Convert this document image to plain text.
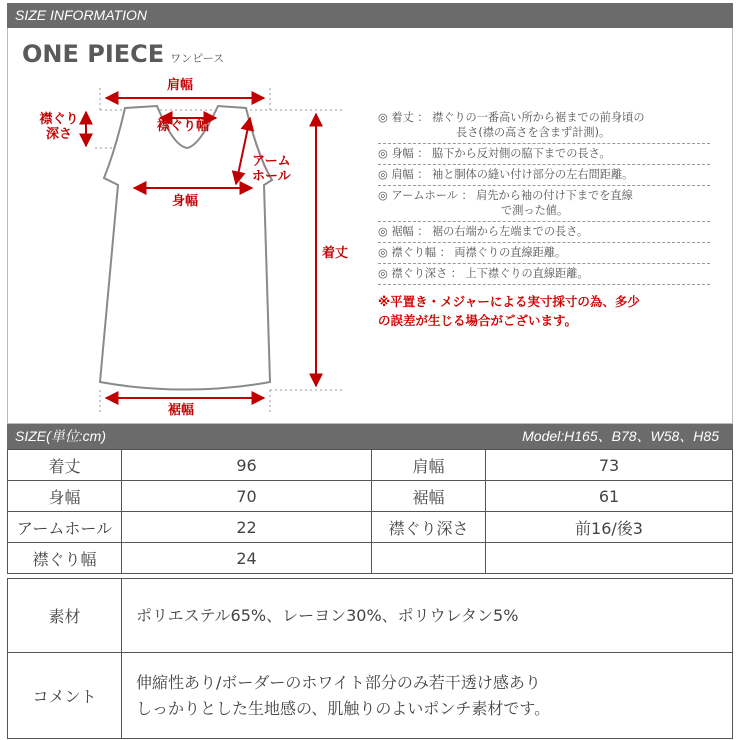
SIZE INFORMATION
ONE PIECE ワンピース
肩幅
襟ぐり
深さ
襟ぐり幅
アーム
ホール
身幅
着丈
裾幅
◎ 着丈 ： 襟ぐりの一番高い所から裾までの前身頃の

長さ(襟の高さを含まず計測)。
◎ 身幅 ： 脇下から反対側の脇下までの長さ。
◎ 肩幅 ： 袖と胴体の縫い付け部分の左右間距離。
◎ アームホール ： 肩先から袖の付け下までを直線

で測った値。
◎ 裾幅 ： 裾の右端から左端までの長さ。
◎ 襟ぐり幅 ： 両襟ぐりの直線距離。
◎ 襟ぐり深さ ： 上下襟ぐりの直線距離。
※平置き・メジャーによる実寸採寸の為、多少
の誤差が生じる場合がございます。
SIZE(単位:cm)	Model:H165、B78、W58、H85
着丈	96	肩幅	73
身幅	70	裾幅	61
アームホール	22	襟ぐり深さ	前16/後3
襟ぐり幅	24		
素材	ポリエステル65%、レーヨン30%、ポリウレタン5%
コメント	伸縮性あり/ボーダーのホワイト部分のみ若干透け感あり
しっかりとした生地感の、肌触りのよいポンチ素材です。
